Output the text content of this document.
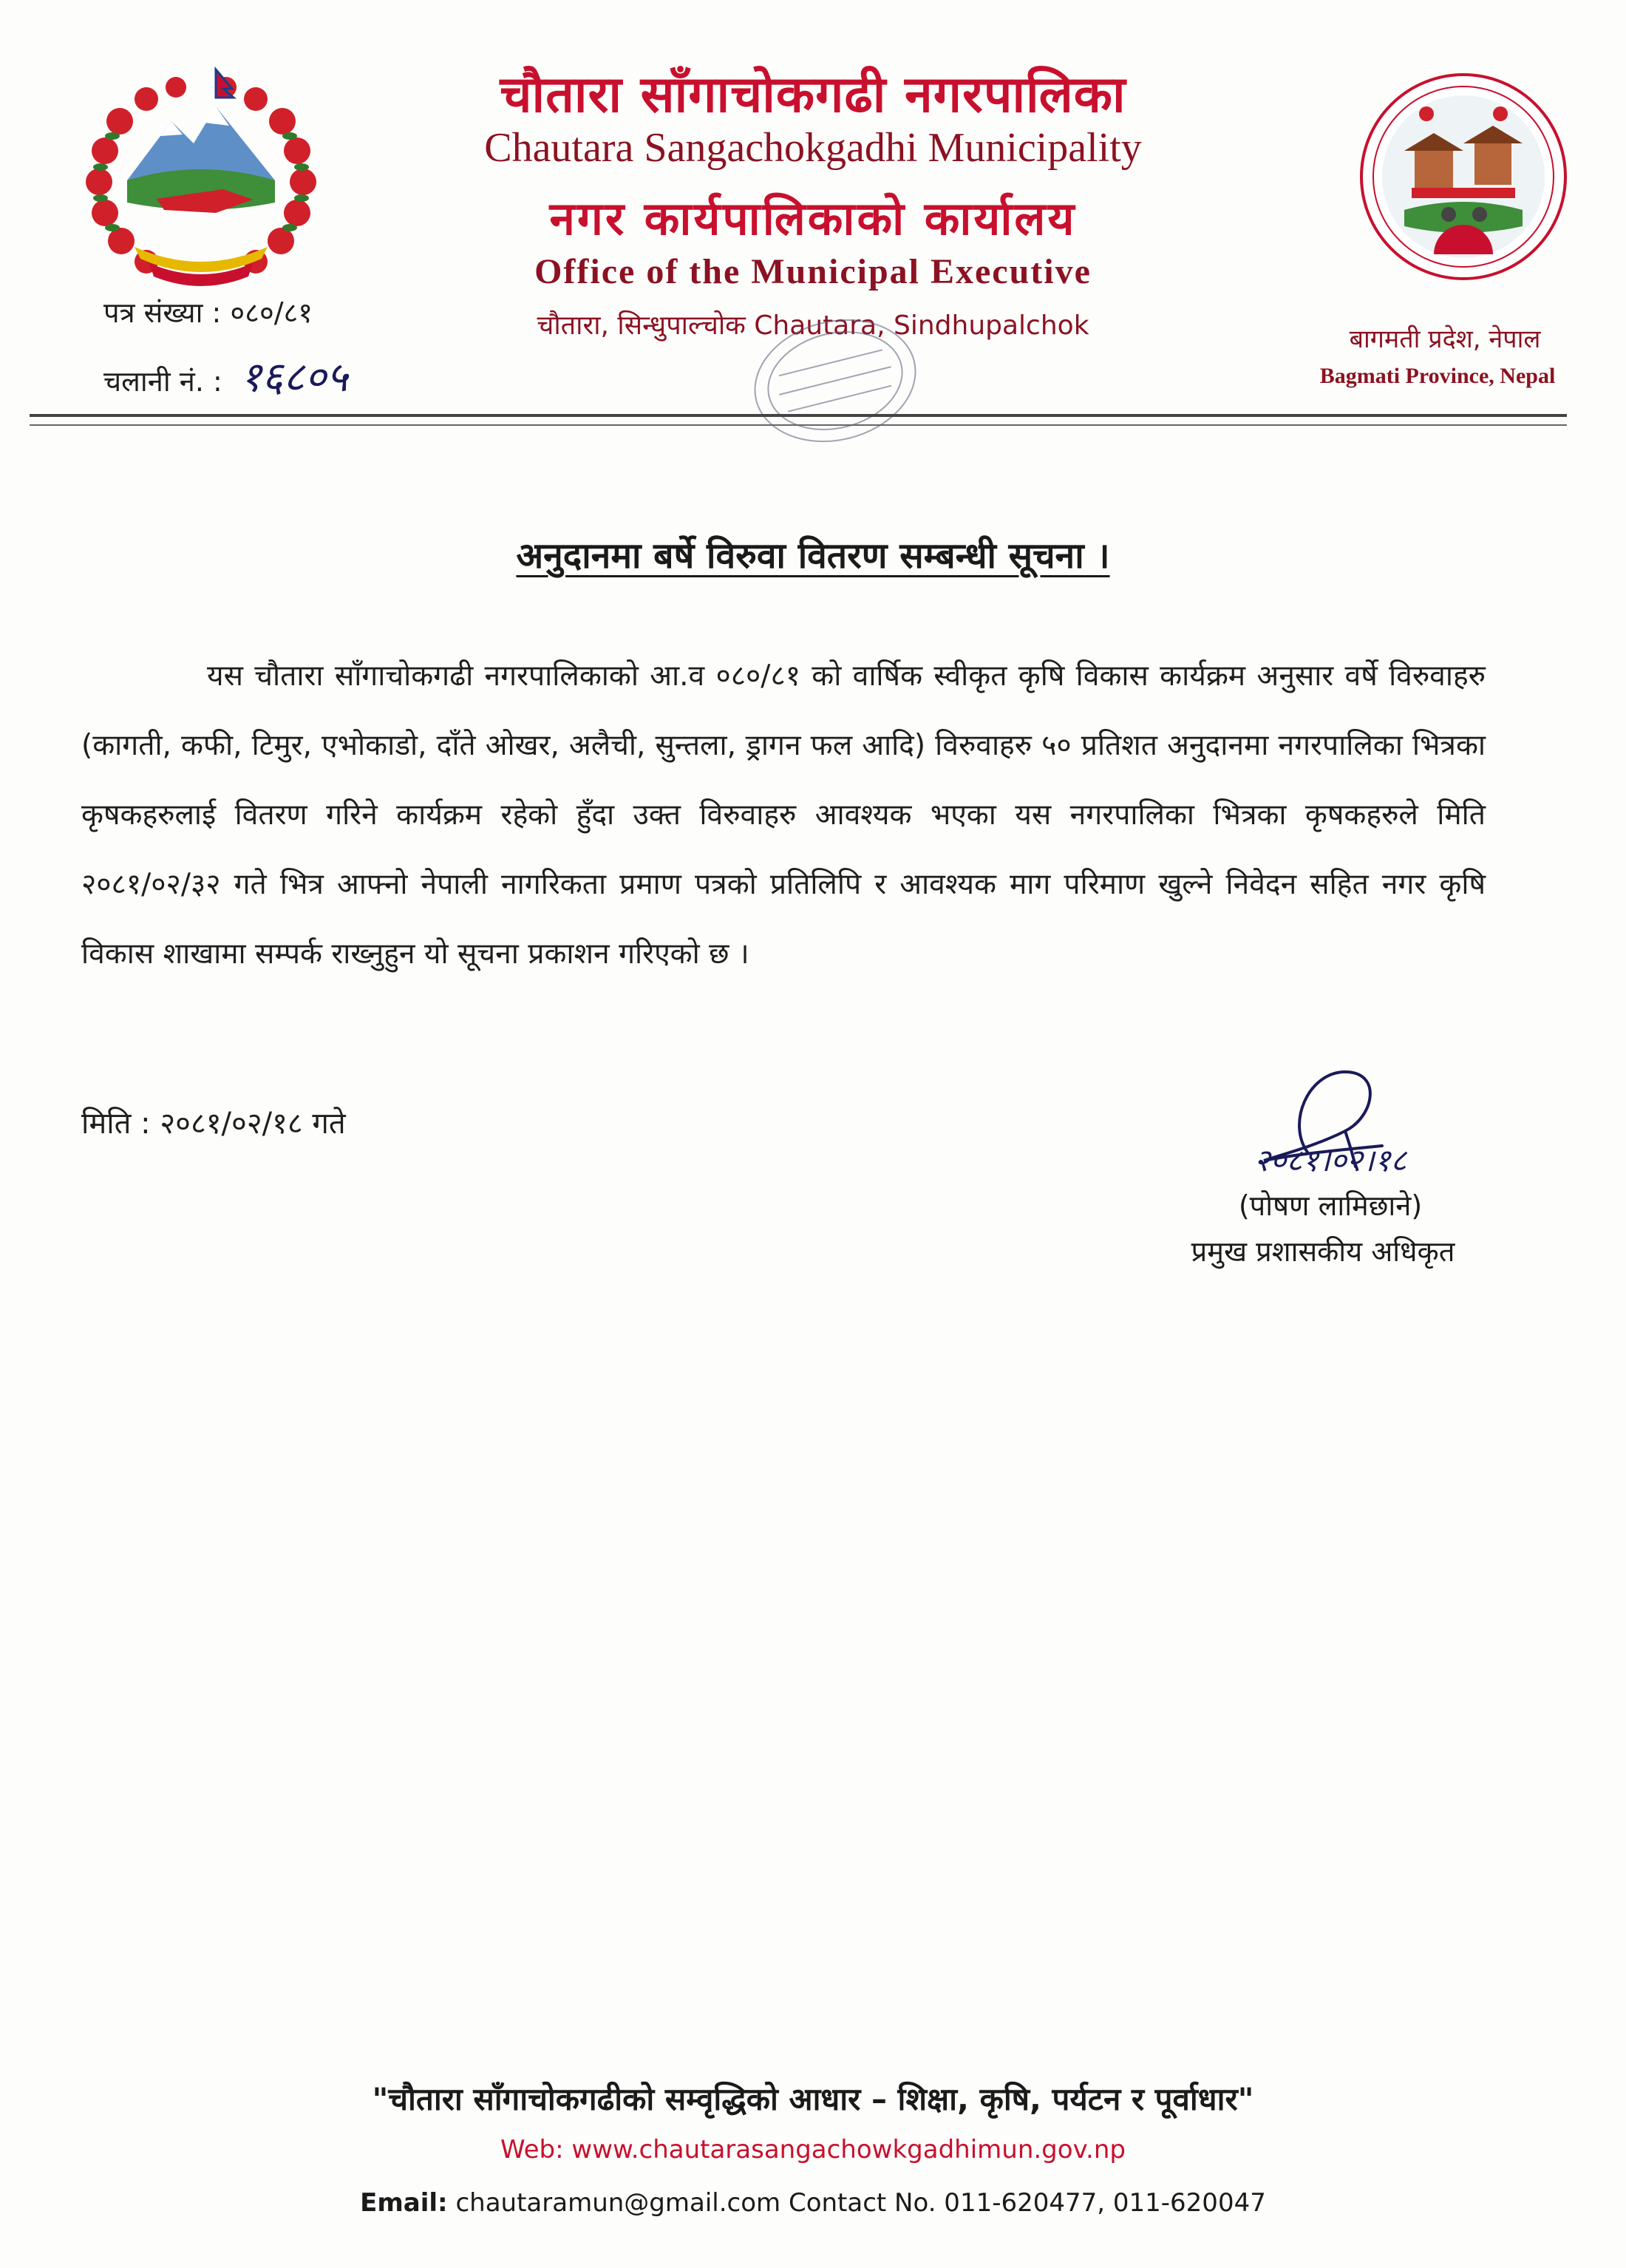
चौतारा साँगाचोकगढी नगरपालिका
Chautara Sangachokgadhi Municipality
नगर कार्यपालिकाको कार्यालय
Office of the Municipal Executive
चौतारा, सिन्धुपाल्चोक Chautara, Sindhupalchok
पत्र संख्या : ०८०/८१
चलानी नं. : १६८०५
बागमती प्रदेश, नेपाल
Bagmati Province, Nepal
अनुदानमा बर्षे विरुवा वितरण सम्बन्धी सूचना ।
यस चौतारा साँगाचोकगढी नगरपालिकाको आ.व ०८०/८१ को वार्षिक स्वीकृत कृषि विकास कार्यक्रम अनुसार वर्षे विरुवाहरु (कागती, कफी, टिमुर, एभोकाडो, दाँते ओखर, अलैची, सुन्तला, ड्रागन फल आदि) विरुवाहरु ५० प्रतिशत अनुदानमा नगरपालिका भित्रका कृषकहरुलाई वितरण गरिने कार्यक्रम रहेको हुँदा उक्त विरुवाहरु आवश्यक भएका यस नगरपालिका भित्रका कृषकहरुले मिति २०८१/०२/३२ गते भित्र आफ्नो नेपाली नागरिकता प्रमाण पत्रको प्रतिलिपि र आवश्यक माग परिमाण खुल्ने निवेदन सहित नगर कृषि विकास शाखामा सम्पर्क राख्नुहुन यो सूचना प्रकाशन गरिएको छ ।
मिति : २०८१/०२/१८ गते
२०८१।०२।१८
(पोषण लामिछाने)
प्रमुख प्रशासकीय अधिकृत
"चौतारा साँगाचोकगढीको सम्वृद्धिको आधार – शिक्षा, कृषि, पर्यटन र पूर्वाधार"
Web: www.chautarasangachowkgadhimun.gov.np
Email: chautaramun@gmail.com Contact No. 011-620477, 011-620047
